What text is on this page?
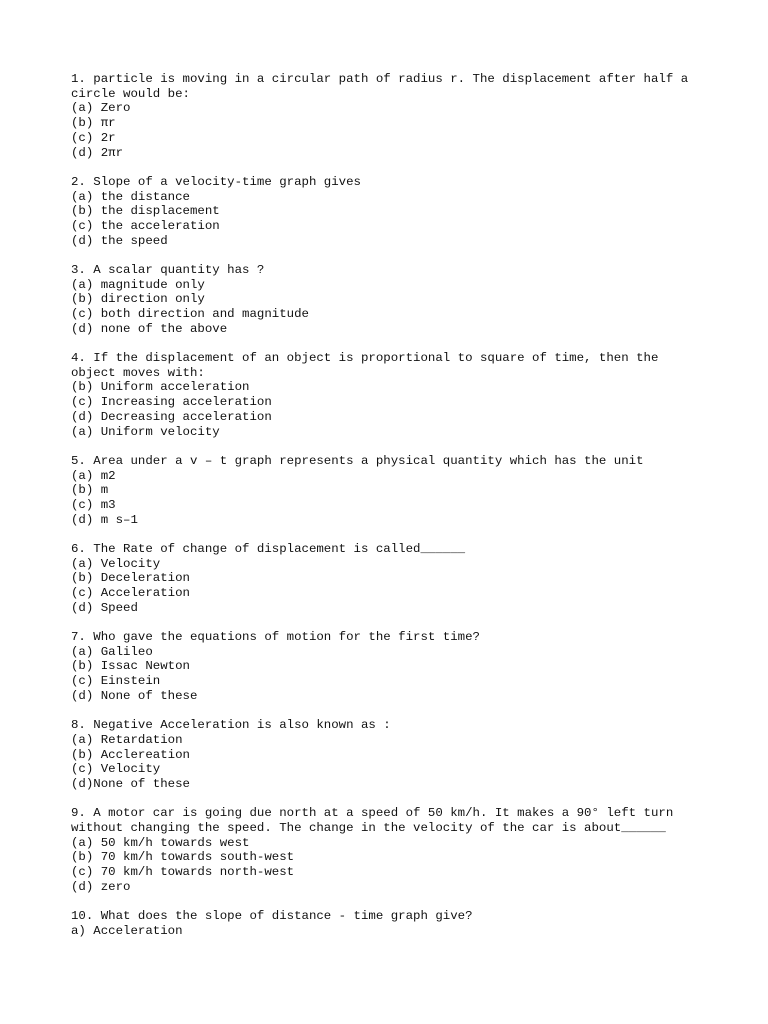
1. particle is moving in a circular path of radius r. The displacement after half a circle would be:
(a) Zero
(b) πr
(c) 2r
(d) 2πr
2. Slope of a velocity-time graph gives
(a) the distance
(b) the displacement
(c) the acceleration
(d) the speed
3. A scalar quantity has ?
(a) magnitude only
(b) direction only
(c) both direction and magnitude
(d) none of the above
4. If the displacement of an object is proportional to square of time, then the object moves with:
(b) Uniform acceleration
(c) Increasing acceleration
(d) Decreasing acceleration
(a) Uniform velocity
5. Area under a v – t graph represents a physical quantity which has the unit
(a) m2
(b) m
(c) m3
(d) m s–1
6. The Rate of change of displacement is called______
(a) Velocity
(b) Deceleration
(c) Acceleration
(d) Speed
7. Who gave the equations of motion for the first time?
(a) Galileo
(b) Issac Newton
(c) Einstein
(d) None of these
8. Negative Acceleration is also known as :
(a) Retardation
(b) Acclereation
(c) Velocity
(d)None of these
9. A motor car is going due north at a speed of 50 km/h. It makes a 90° left turn without changing the speed. The change in the velocity of the car is about______
(a) 50 km/h towards west
(b) 70 km/h towards south-west
(c) 70 km/h towards north-west
(d) zero
10. What does the slope of distance - time graph give?
a) Acceleration
